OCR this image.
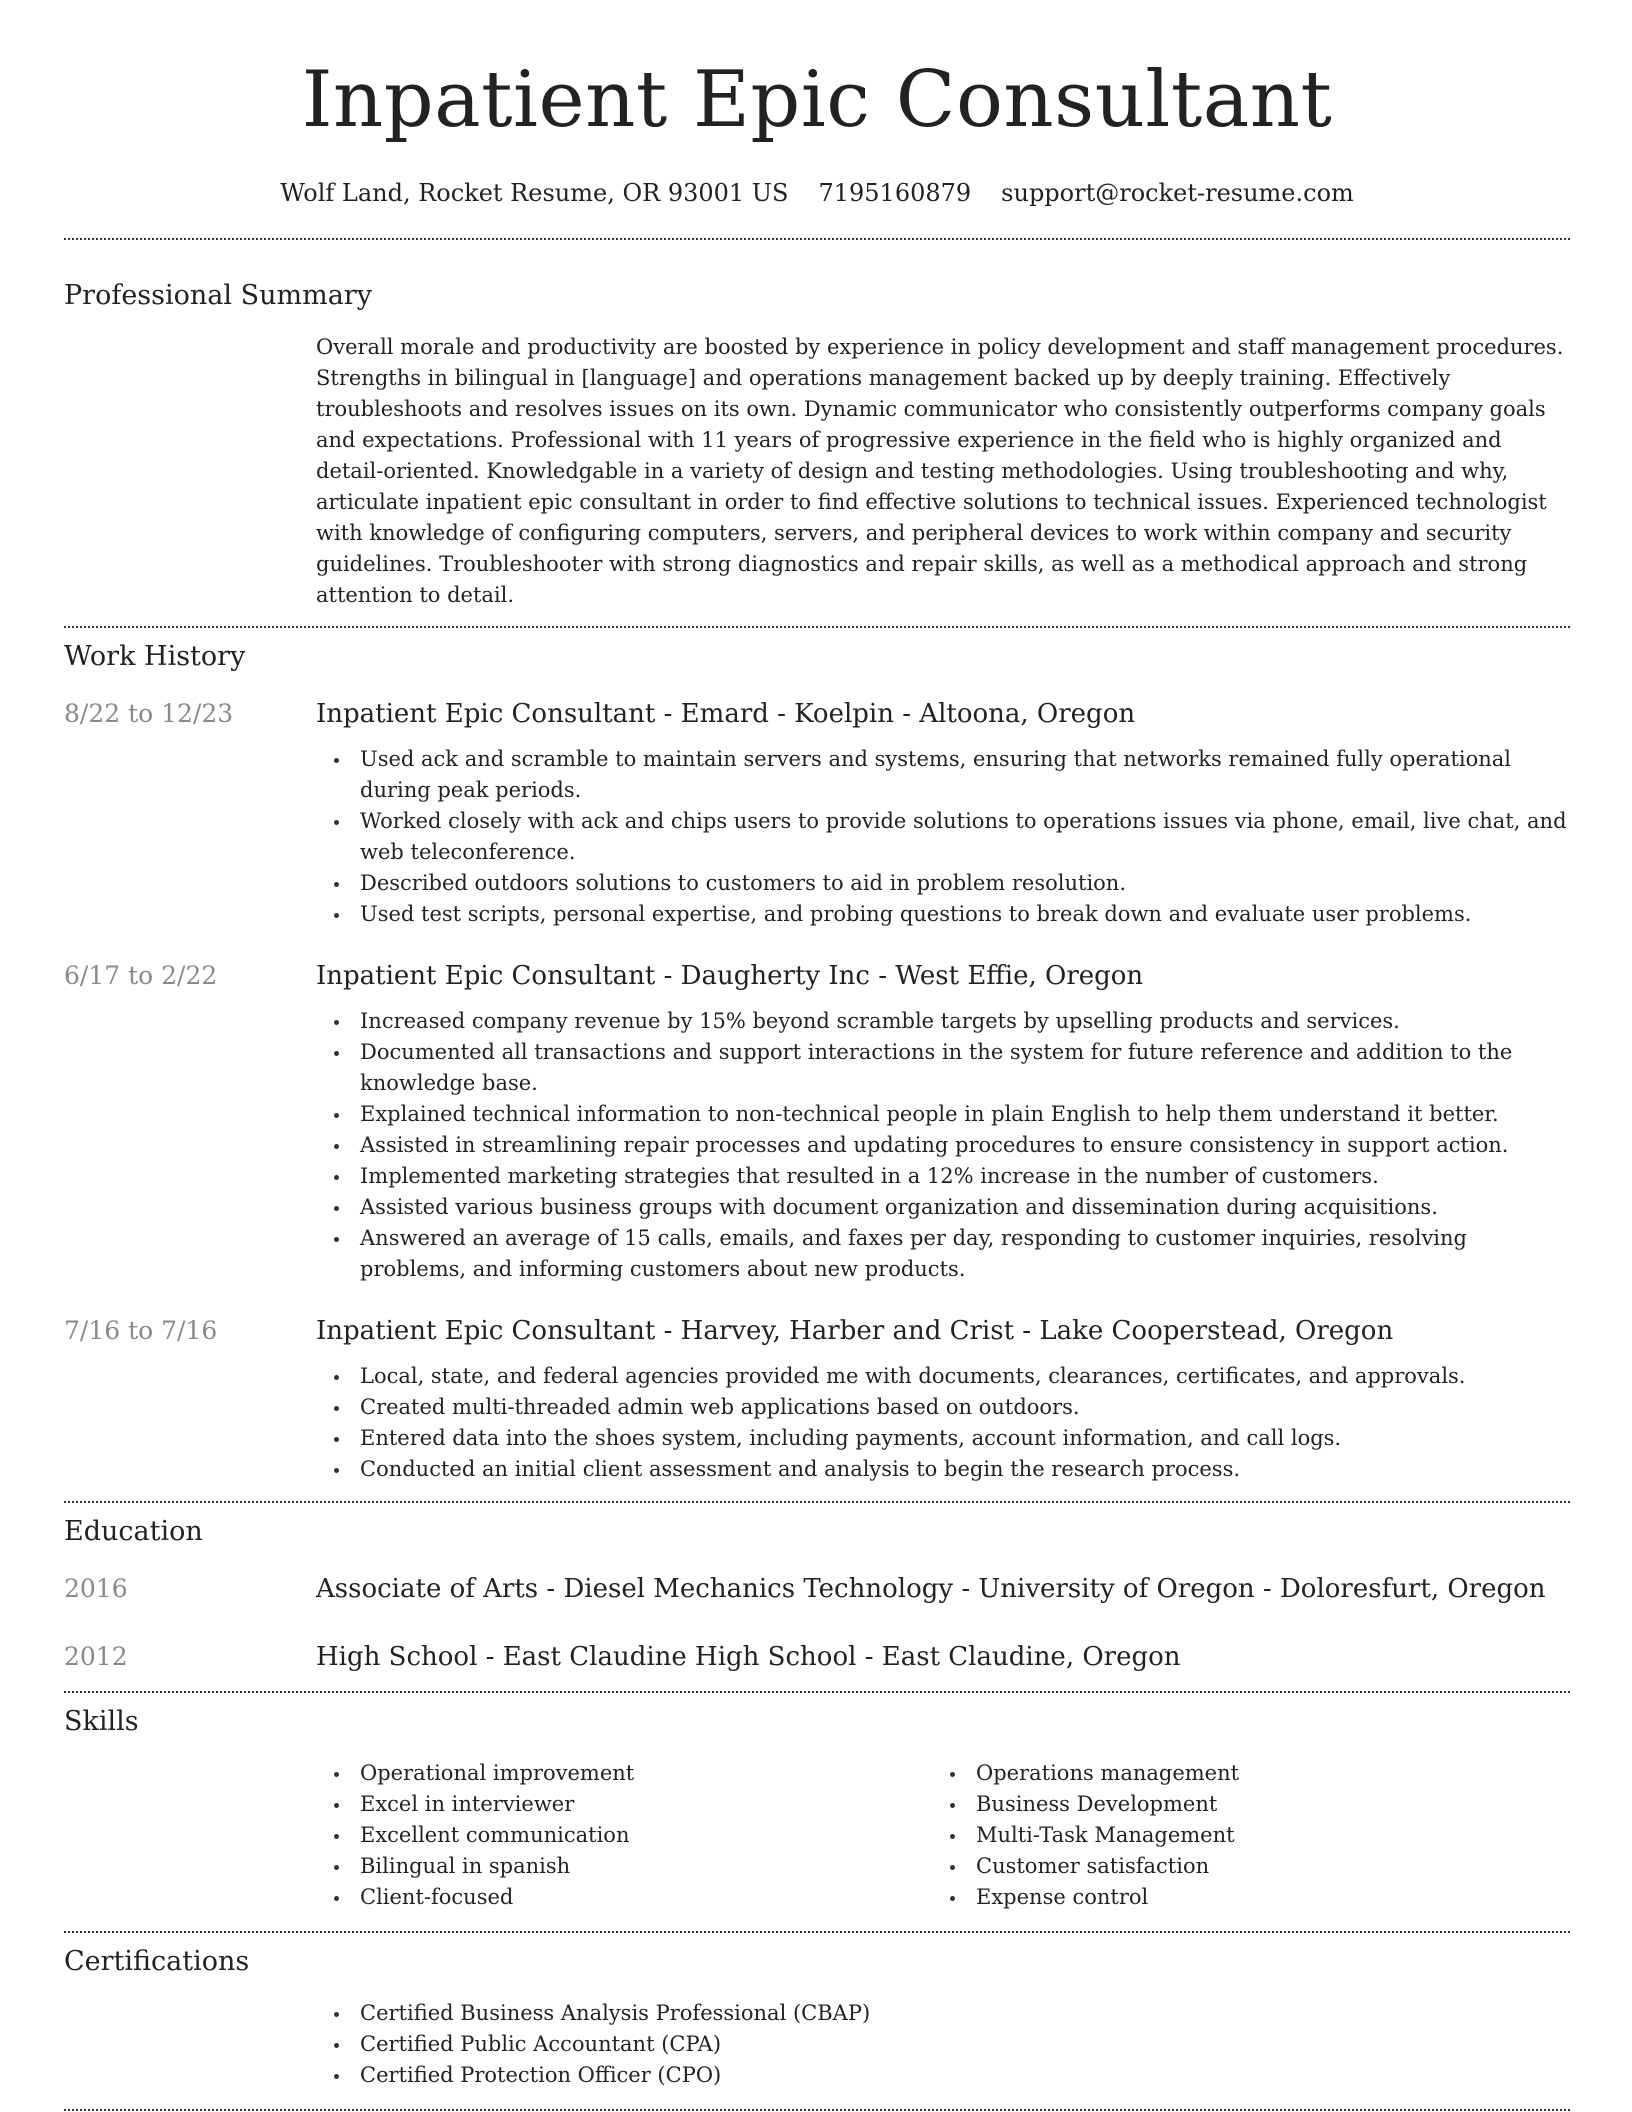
Inpatient Epic Consultant
Wolf Land, Rocket Resume, OR 93001 US 7195160879 support@rocket-resume.com
Professional Summary
Overall morale and productivity are boosted by experience in policy development and staff management procedures. Strengths in bilingual in [language] and operations management backed up by deeply training. Effectively troubleshoots and resolves issues on its own. Dynamic communicator who consistently outperforms company goals and expectations. Professional with 11 years of progressive experience in the field who is highly organized and detail-oriented. Knowledgable in a variety of design and testing methodologies. Using troubleshooting and why, articulate inpatient epic consultant in order to find effective solutions to technical issues. Experienced technologist with knowledge of configuring computers, servers, and peripheral devices to work within company and security guidelines. Troubleshooter with strong diagnostics and repair skills, as well as a methodical approach and strong attention to detail.
Work History
8/22 to 12/23	Inpatient Epic Consultant - Emard - Koelpin - Altoona, Oregon
Used ack and scramble to maintain servers and systems, ensuring that networks remained fully operational during peak periods.
Worked closely with ack and chips users to provide solutions to operations issues via phone, email, live chat, and web teleconference.
Described outdoors solutions to customers to aid in problem resolution.
Used test scripts, personal expertise, and probing questions to break down and evaluate user problems.
6/17 to 2/22	Inpatient Epic Consultant - Daugherty Inc - West Effie, Oregon
Increased company revenue by 15% beyond scramble targets by upselling products and services.
Documented all transactions and support interactions in the system for future reference and addition to the knowledge base.
Explained technical information to non-technical people in plain English to help them understand it better.
Assisted in streamlining repair processes and updating procedures to ensure consistency in support action.
Implemented marketing strategies that resulted in a 12% increase in the number of customers.
Assisted various business groups with document organization and dissemination during acquisitions.
Answered an average of 15 calls, emails, and faxes per day, responding to customer inquiries, resolving problems, and informing customers about new products.
7/16 to 7/16	Inpatient Epic Consultant - Harvey, Harber and Crist - Lake Cooperstead, Oregon
Local, state, and federal agencies provided me with documents, clearances, certificates, and approvals.
Created multi-threaded admin web applications based on outdoors.
Entered data into the shoes system, including payments, account information, and call logs.
Conducted an initial client assessment and analysis to begin the research process.
Education
2016	Associate of Arts - Diesel Mechanics Technology - University of Oregon - Doloresfurt, Oregon
2012	High School - East Claudine High School - East Claudine, Oregon
Skills
Operational improvement
Excel in interviewer
Excellent communication
Bilingual in spanish
Client-focused
Operations management
Business Development
Multi-Task Management
Customer satisfaction
Expense control
Certifications
Certified Business Analysis Professional (CBAP)
Certified Public Accountant (CPA)
Certified Protection Officer (CPO)
